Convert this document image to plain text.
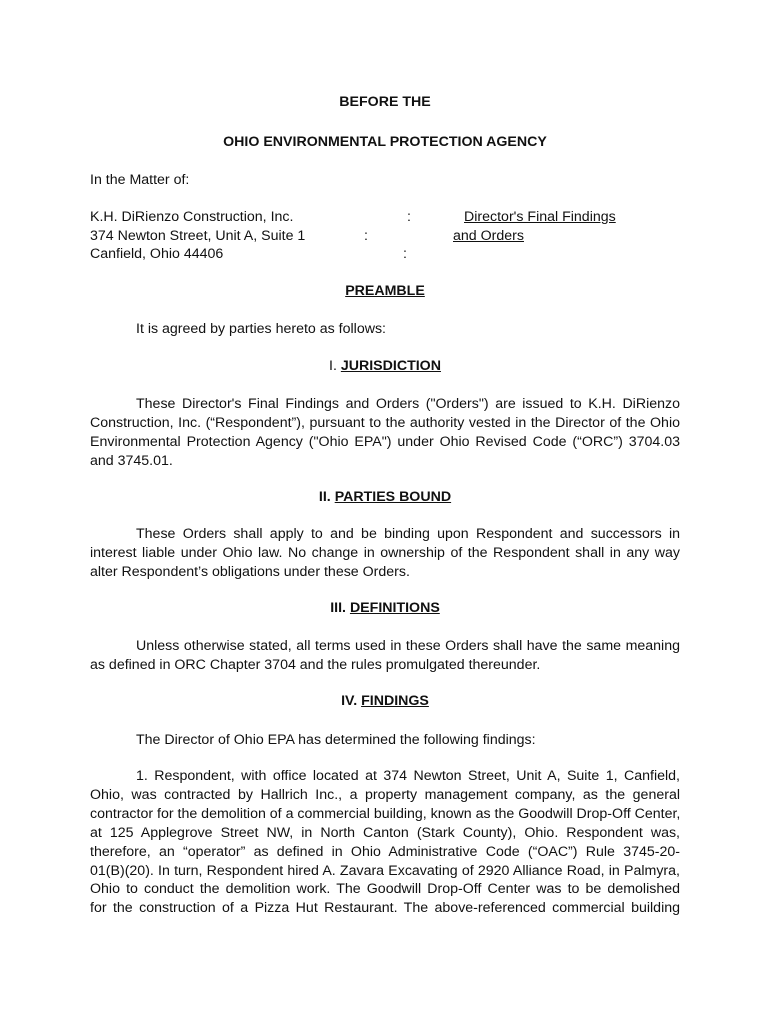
BEFORE THE
OHIO ENVIRONMENTAL PROTECTION AGENCY
In the Matter of:
K.H. DiRienzo Construction, Inc.
374 Newton Street, Unit A, Suite 1
Canfield, Ohio 44406
:
:
:
Director's Final Findings
and Orders
PREAMBLE
It is agreed by parties hereto as follows:
I. JURISDICTION
These Director's Final Findings and Orders ("Orders") are issued to K.H. DiRienzo
Construction, Inc. (“Respondent”), pursuant to the authority vested in the Director of the Ohio
Environmental Protection Agency ("Ohio EPA") under Ohio Revised Code (“ORC”) 3704.03
and 3745.01.
II. PARTIES BOUND
These Orders shall apply to and be binding upon Respondent and successors in
interest liable under Ohio law. No change in ownership of the Respondent shall in any way
alter Respondent’s obligations under these Orders.
III. DEFINITIONS
Unless otherwise stated, all terms used in these Orders shall have the same meaning
as defined in ORC Chapter 3704 and the rules promulgated thereunder.
IV. FINDINGS
The Director of Ohio EPA has determined the following findings:
1. Respondent, with office located at 374 Newton Street, Unit A, Suite 1, Canfield,
Ohio, was contracted by Hallrich Inc., a property management company, as the general
contractor for the demolition of a commercial building, known as the Goodwill Drop-Off Center,
at 125 Applegrove Street NW, in North Canton (Stark County), Ohio. Respondent was,
therefore, an “operator” as defined in Ohio Administrative Code (“OAC”) Rule 3745-20-
01(B)(20). In turn, Respondent hired A. Zavara Excavating of 2920 Alliance Road, in Palmyra,
Ohio to conduct the demolition work. The Goodwill Drop-Off Center was to be demolished
for the construction of a Pizza Hut Restaurant. The above-referenced commercial building
